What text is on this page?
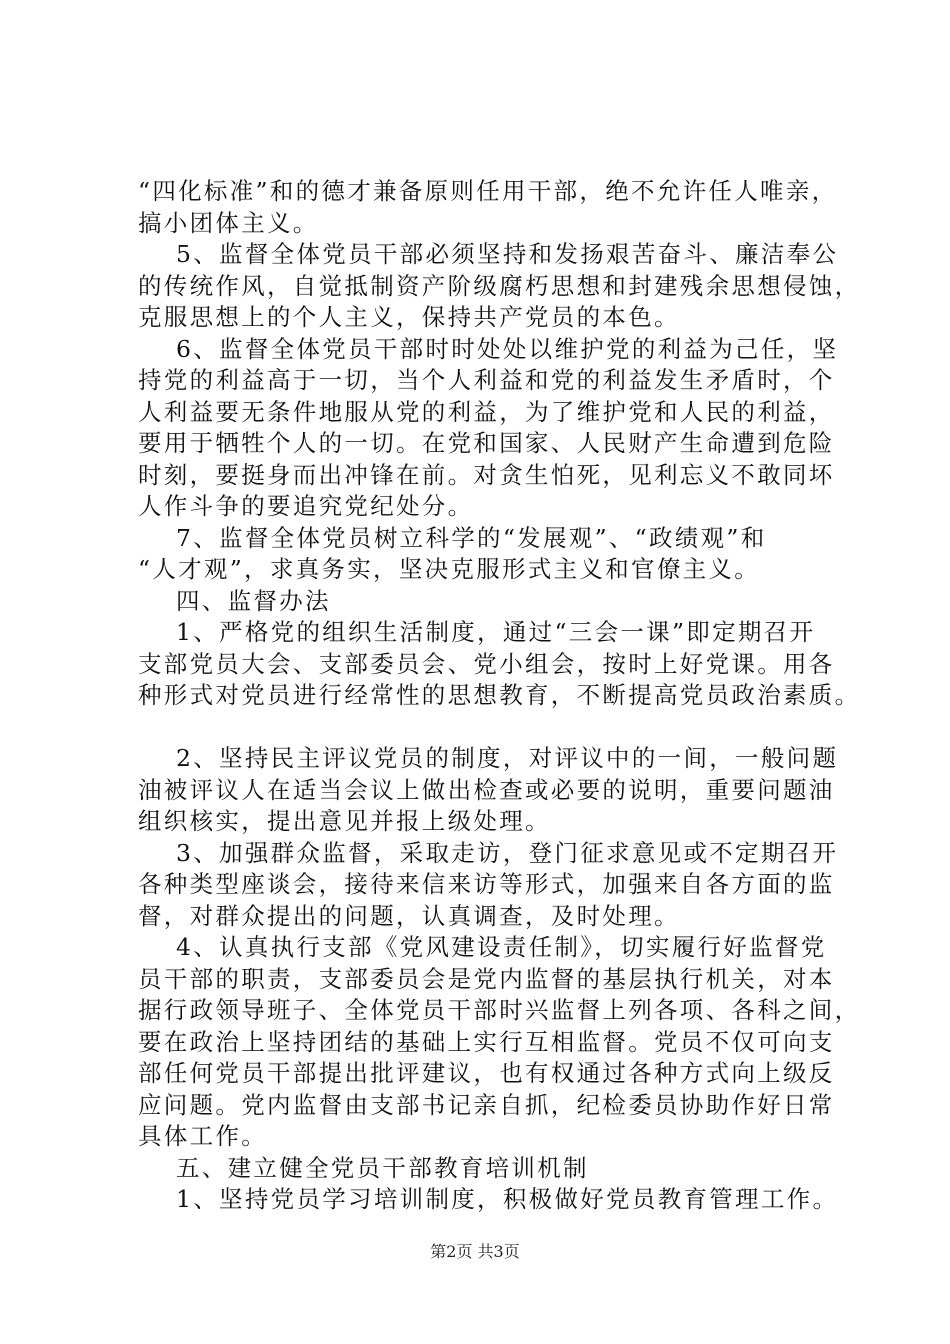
“四化标准”和的德才兼备原则任用干部，绝不允许任人唯亲，
搞小团体主义。
5、监督全体党员干部必须坚持和发扬艰苦奋斗、廉洁奉公
的传统作风，自觉抵制资产阶级腐朽思想和封建残余思想侵蚀，
克服思想上的个人主义，保持共产党员的本色。
6、监督全体党员干部时时处处以维护党的利益为己任，坚
持党的利益高于一切，当个人利益和党的利益发生矛盾时，个
人利益要无条件地服从党的利益，为了维护党和人民的利益，
要用于牺牲个人的一切。在党和国家、人民财产生命遭到危险
时刻，要挺身而出冲锋在前。对贪生怕死，见利忘义不敢同坏
人作斗争的要追究党纪处分。
7、监督全体党员树立科学的“发展观”、“政绩观”和
“人才观”，求真务实，坚决克服形式主义和官僚主义。
四、监督办法
1、严格党的组织生活制度，通过“三会一课”即定期召开
支部党员大会、支部委员会、党小组会，按时上好党课。用各
种形式对党员进行经常性的思想教育，不断提高党员政治素质。
2、坚持民主评议党员的制度，对评议中的一间，一般问题
油被评议人在适当会议上做出检查或必要的说明，重要问题油
组织核实，提出意见并报上级处理。
3、加强群众监督，采取走访，登门征求意见或不定期召开
各种类型座谈会，接待来信来访等形式，加强来自各方面的监
督，对群众提出的问题，认真调查，及时处理。
4、认真执行支部《党风建设责任制》，切实履行好监督党
员干部的职责，支部委员会是党内监督的基层执行机关，对本
据行政领导班子、全体党员干部时兴监督上列各项、各科之间，
要在政治上坚持团结的基础上实行互相监督。党员不仅可向支
部任何党员干部提出批评建议，也有权通过各种方式向上级反
应问题。党内监督由支部书记亲自抓，纪检委员协助作好日常
具体工作。
五、建立健全党员干部教育培训机制
1、坚持党员学习培训制度，积极做好党员教育管理工作。
第2页 共3页
